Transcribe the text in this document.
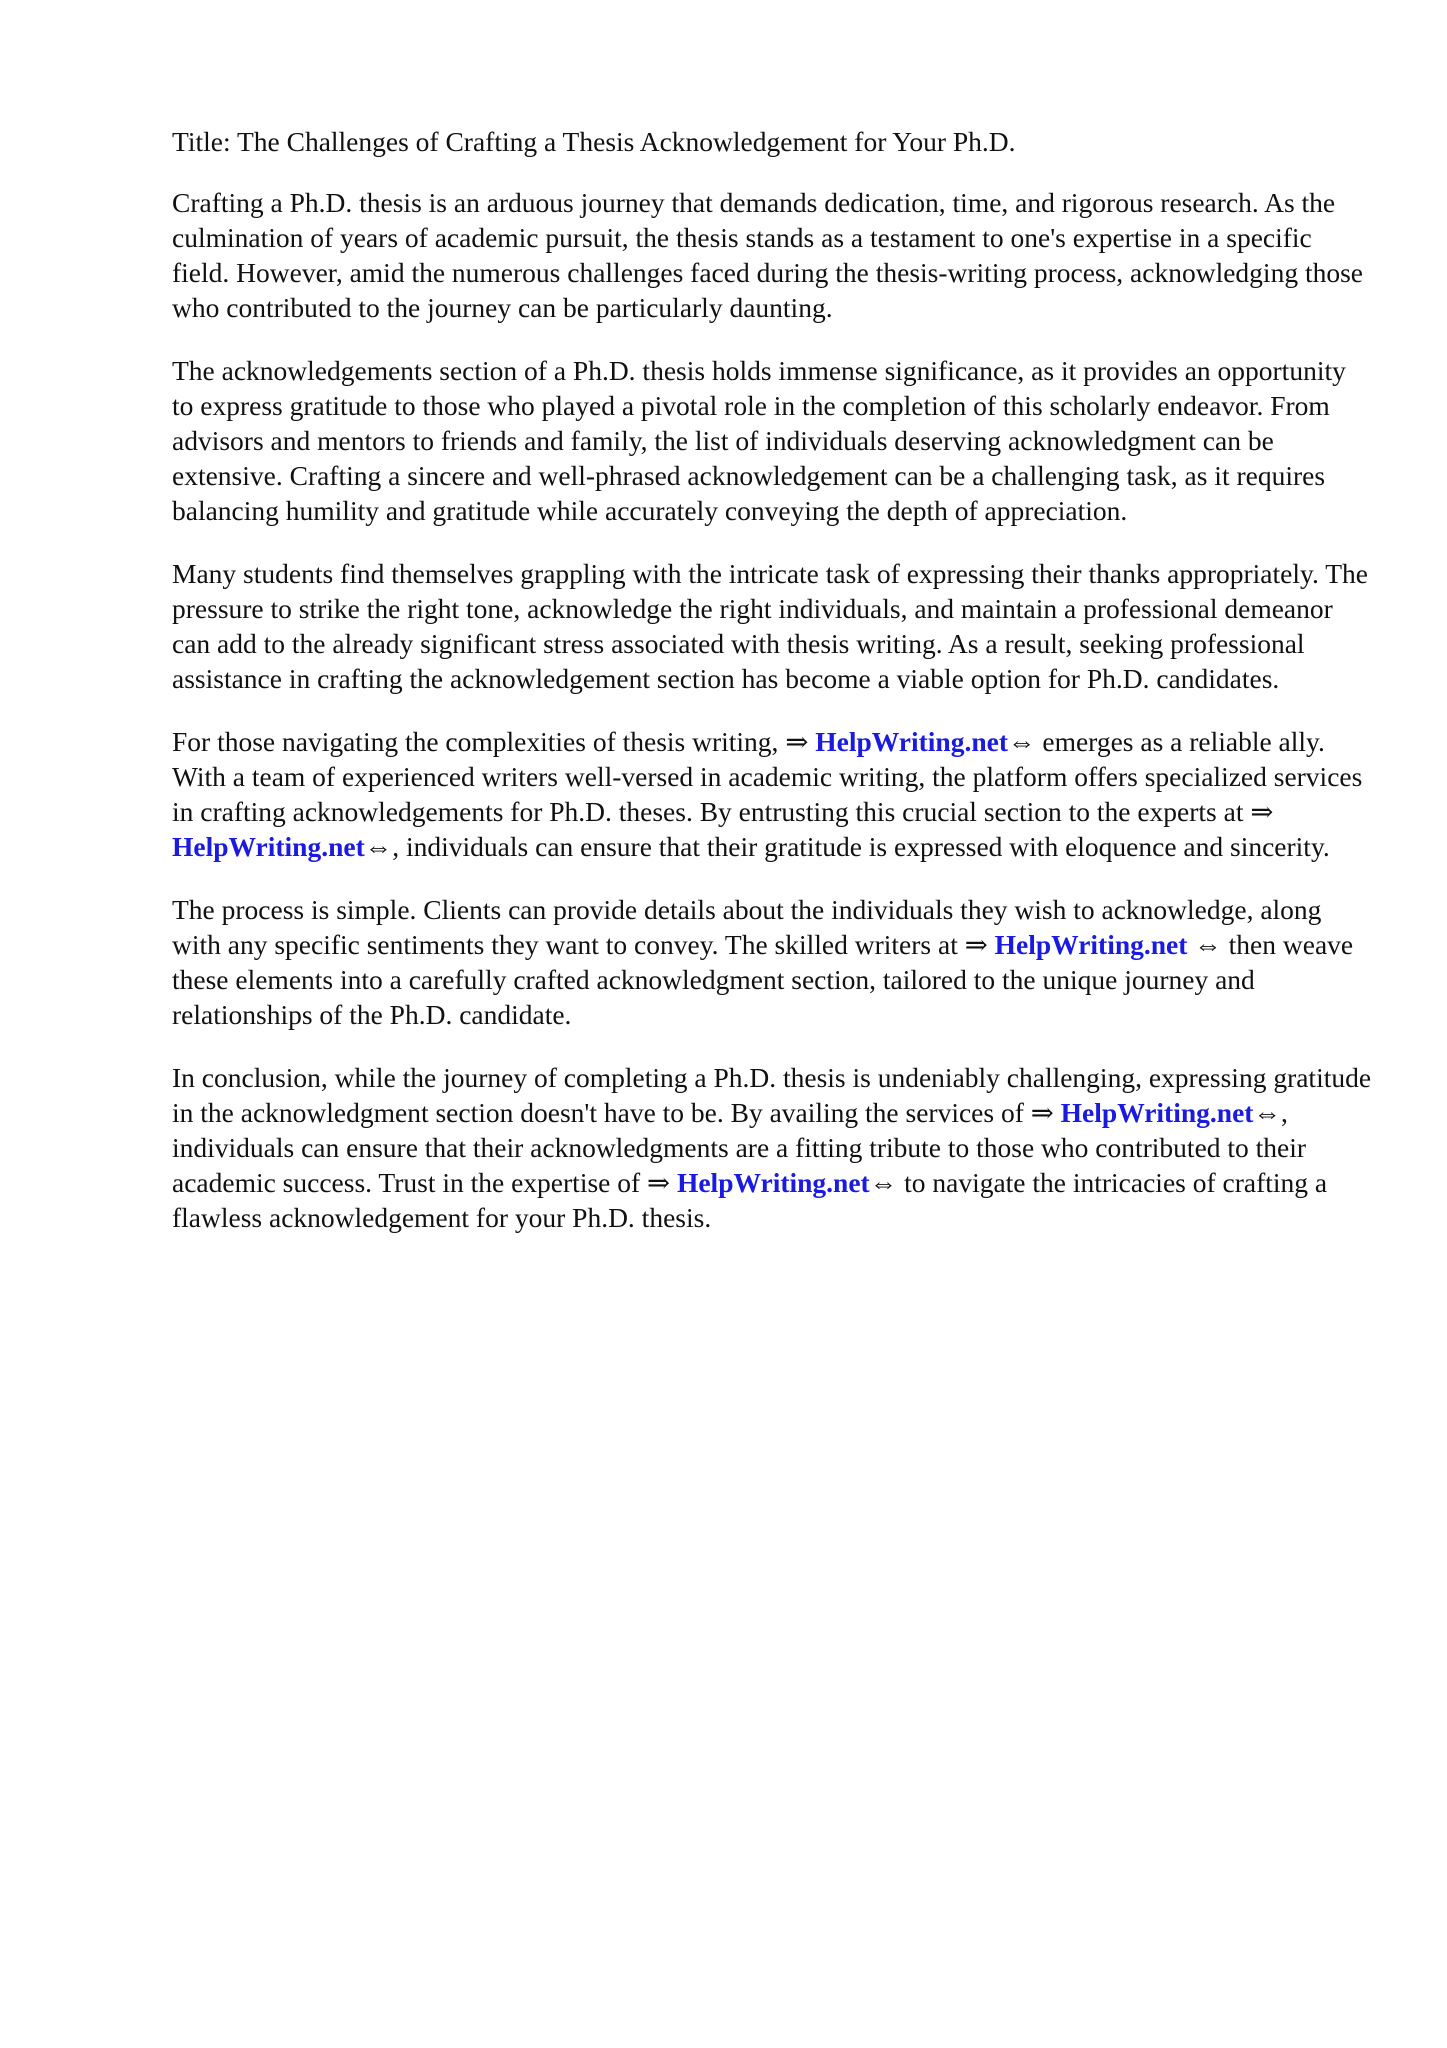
Title: The Challenges of Crafting a Thesis Acknowledgement for Your Ph.D.

Crafting a Ph.D. thesis is an arduous journey that demands dedication, time, and rigorous research. As the culmination of years of academic pursuit, the thesis stands as a testament to one's expertise in a specific field. However, amid the numerous challenges faced during the thesis-writing process, acknowledging those who contributed to the journey can be particularly daunting.

The acknowledgements section of a Ph.D. thesis holds immense significance, as it provides an opportunity to express gratitude to those who played a pivotal role in the completion of this scholarly endeavor. From advisors and mentors to friends and family, the list of individuals deserving acknowledgment can be extensive. Crafting a sincere and well-phrased acknowledgement can be a challenging task, as it requires balancing humility and gratitude while accurately conveying the depth of appreciation.

Many students find themselves grappling with the intricate task of expressing their thanks appropriately. The pressure to strike the right tone, acknowledge the right individuals, and maintain a professional demeanor can add to the already significant stress associated with thesis writing. As a result, seeking professional assistance in crafting the acknowledgement section has become a viable option for Ph.D. candidates.

For those navigating the complexities of thesis writing, ⇒ HelpWriting.net⇔ emerges as a reliable ally. With a team of experienced writers well-versed in academic writing, the platform offers specialized services in crafting acknowledgements for Ph.D. theses. By entrusting this crucial section to the experts at ⇒ HelpWriting.net⇔, individuals can ensure that their gratitude is expressed with eloquence and sincerity.

The process is simple. Clients can provide details about the individuals they wish to acknowledge, along with any specific sentiments they want to convey. The skilled writers at ⇒ HelpWriting.net ⇔ then weave these elements into a carefully crafted acknowledgment section, tailored to the unique journey and relationships of the Ph.D. candidate.

In conclusion, while the journey of completing a Ph.D. thesis is undeniably challenging, expressing gratitude in the acknowledgment section doesn't have to be. By availing the services of ⇒ HelpWriting.net⇔, individuals can ensure that their acknowledgments are a fitting tribute to those who contributed to their academic success. Trust in the expertise of ⇒ HelpWriting.net⇔ to navigate the intricacies of crafting a flawless acknowledgement for your Ph.D. thesis.
